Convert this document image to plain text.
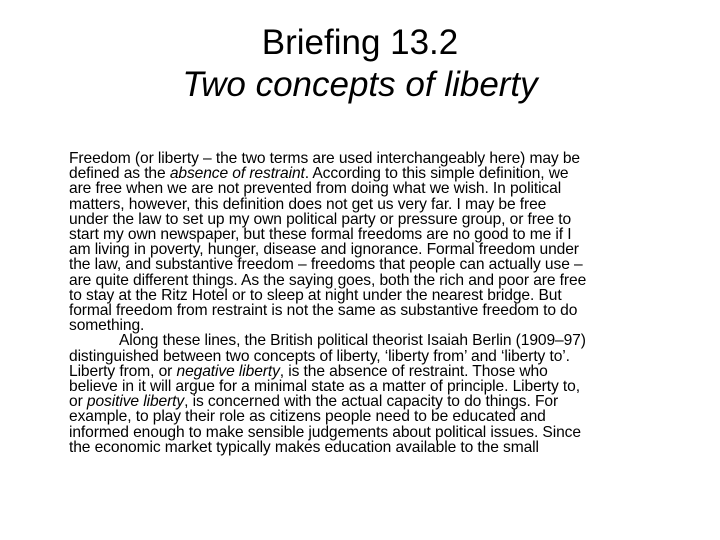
Briefing 13.2
Two concepts of liberty
Freedom (or liberty – the two terms are used interchangeably here) may be
defined as the absence of restraint. According to this simple definition, we
are free when we are not prevented from doing what we wish. In political
matters, however, this definition does not get us very far. I may be free
under the law to set up my own political party or pressure group, or free to
start my own newspaper, but these formal freedoms are no good to me if I
am living in poverty, hunger, disease and ignorance. Formal freedom under
the law, and substantive freedom – freedoms that people can actually use –
are quite different things. As the saying goes, both the rich and poor are free
to stay at the Ritz Hotel or to sleep at night under the nearest bridge. But
formal freedom from restraint is not the same as substantive freedom to do
something.
Along these lines, the British political theorist Isaiah Berlin (1909–97)
distinguished between two concepts of liberty, ‘liberty from’ and ‘liberty to’.
Liberty from, or negative liberty, is the absence of restraint. Those who
believe in it will argue for a minimal state as a matter of principle. Liberty to,
or positive liberty, is concerned with the actual capacity to do things. For
example, to play their role as citizens people need to be educated and
informed enough to make sensible judgements about political issues. Since
the economic market typically makes education available to the small
